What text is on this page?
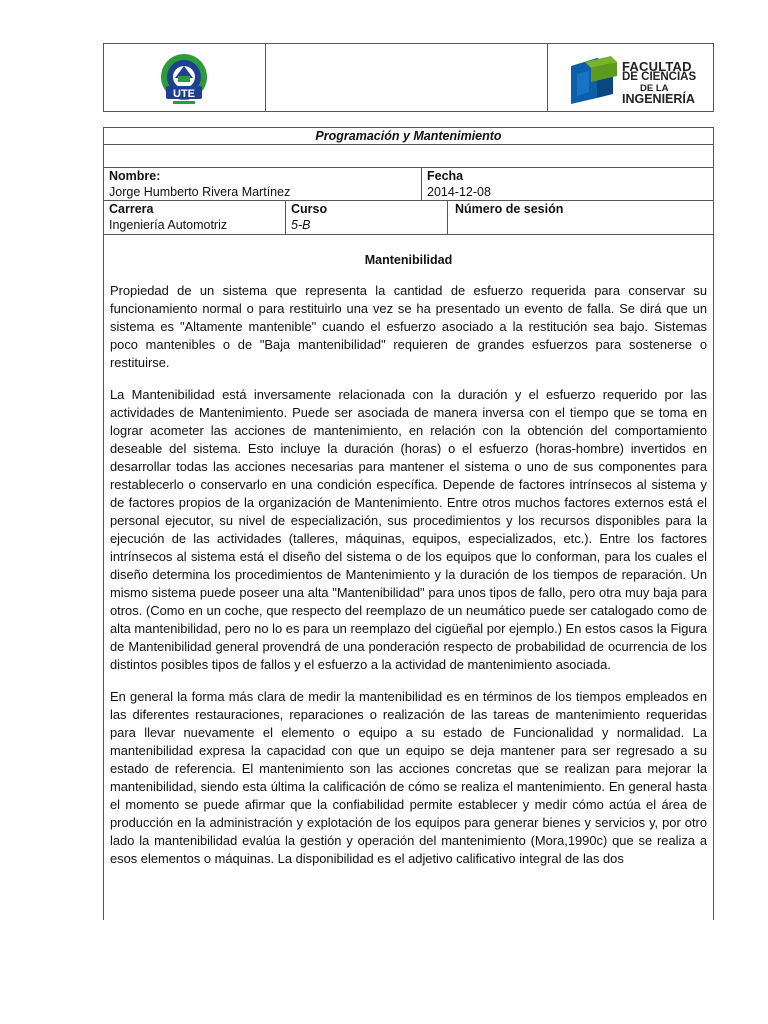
UTE
FACULTAD
DE CIENCIAS
DE LA
INGENIERÍA
Programación y Mantenimiento
Nombre:
Jorge Humberto Rivera Martínez
Fecha
2014-12-08
Carrera
Ingeniería Automotriz
Curso
5-B
Número de sesión
Mantenibilidad

Propiedad de un sistema que representa la cantidad de esfuerzo requerida para conservar su funcionamiento normal o para restituirlo una vez se ha presentado un evento de falla. Se dirá que un sistema es "Altamente mantenible" cuando el esfuerzo asociado a la restitución sea bajo. Sistemas poco mantenibles o de "Baja mantenibilidad" requieren de grandes esfuerzos para sostenerse o restituirse.

La Mantenibilidad está inversamente relacionada con la duración y el esfuerzo requerido por las actividades de Mantenimiento. Puede ser asociada de manera inversa con el tiempo que se toma en lograr acometer las acciones de mantenimiento, en relación con la obtención del comportamiento deseable del sistema. Esto incluye la duración (horas) o el esfuerzo (horas-hombre) invertidos en desarrollar todas las acciones necesarias para mantener el sistema o uno de sus componentes para restablecerlo o conservarlo en una condición específica. Depende de factores intrínsecos al sistema y de factores propios de la organización de Mantenimiento. Entre otros muchos factores externos está el personal ejecutor, su nivel de especialización, sus procedimientos y los recursos disponibles para la ejecución de las actividades (talleres, máquinas, equipos, especializados, etc.). Entre los factores intrínsecos al sistema está el diseño del sistema o de los equipos que lo conforman, para los cuales el diseño determina los procedimientos de Mantenimiento y la duración de los tiempos de reparación. Un mismo sistema puede poseer una alta "Mantenibilidad" para unos tipos de fallo, pero otra muy baja para otros. (Como en un coche, que respecto del reemplazo de un neumático puede ser catalogado como de alta mantenibilidad, pero no lo es para un reemplazo del cigüeñal por ejemplo.) En estos casos la Figura de Mantenibilidad general provendrá de una ponderación respecto de probabilidad de ocurrencia de los distintos posibles tipos de fallos y el esfuerzo a la actividad de mantenimiento asociada.

En general la forma más clara de medir la mantenibilidad es en términos de los tiempos empleados en las diferentes restauraciones, reparaciones o realización de las tareas de mantenimiento requeridas para llevar nuevamente el elemento o equipo a su estado de Funcionalidad y normalidad. La mantenibilidad expresa la capacidad con que un equipo se deja mantener para ser regresado a su estado de referencia. El mantenimiento son las acciones concretas que se realizan para mejorar la mantenibilidad, siendo esta última la calificación de cómo se realiza el mantenimiento. En general hasta el momento se puede afirmar que la confiabilidad permite establecer y medir cómo actúa el área de producción en la administración y explotación de los equipos para generar bienes y servicios y, por otro lado la mantenibilidad evalúa la gestión y operación del mantenimiento (Mora,1990c) que se realiza a esos elementos o máquinas. La disponibilidad es el adjetivo calificativo integral de las dos
